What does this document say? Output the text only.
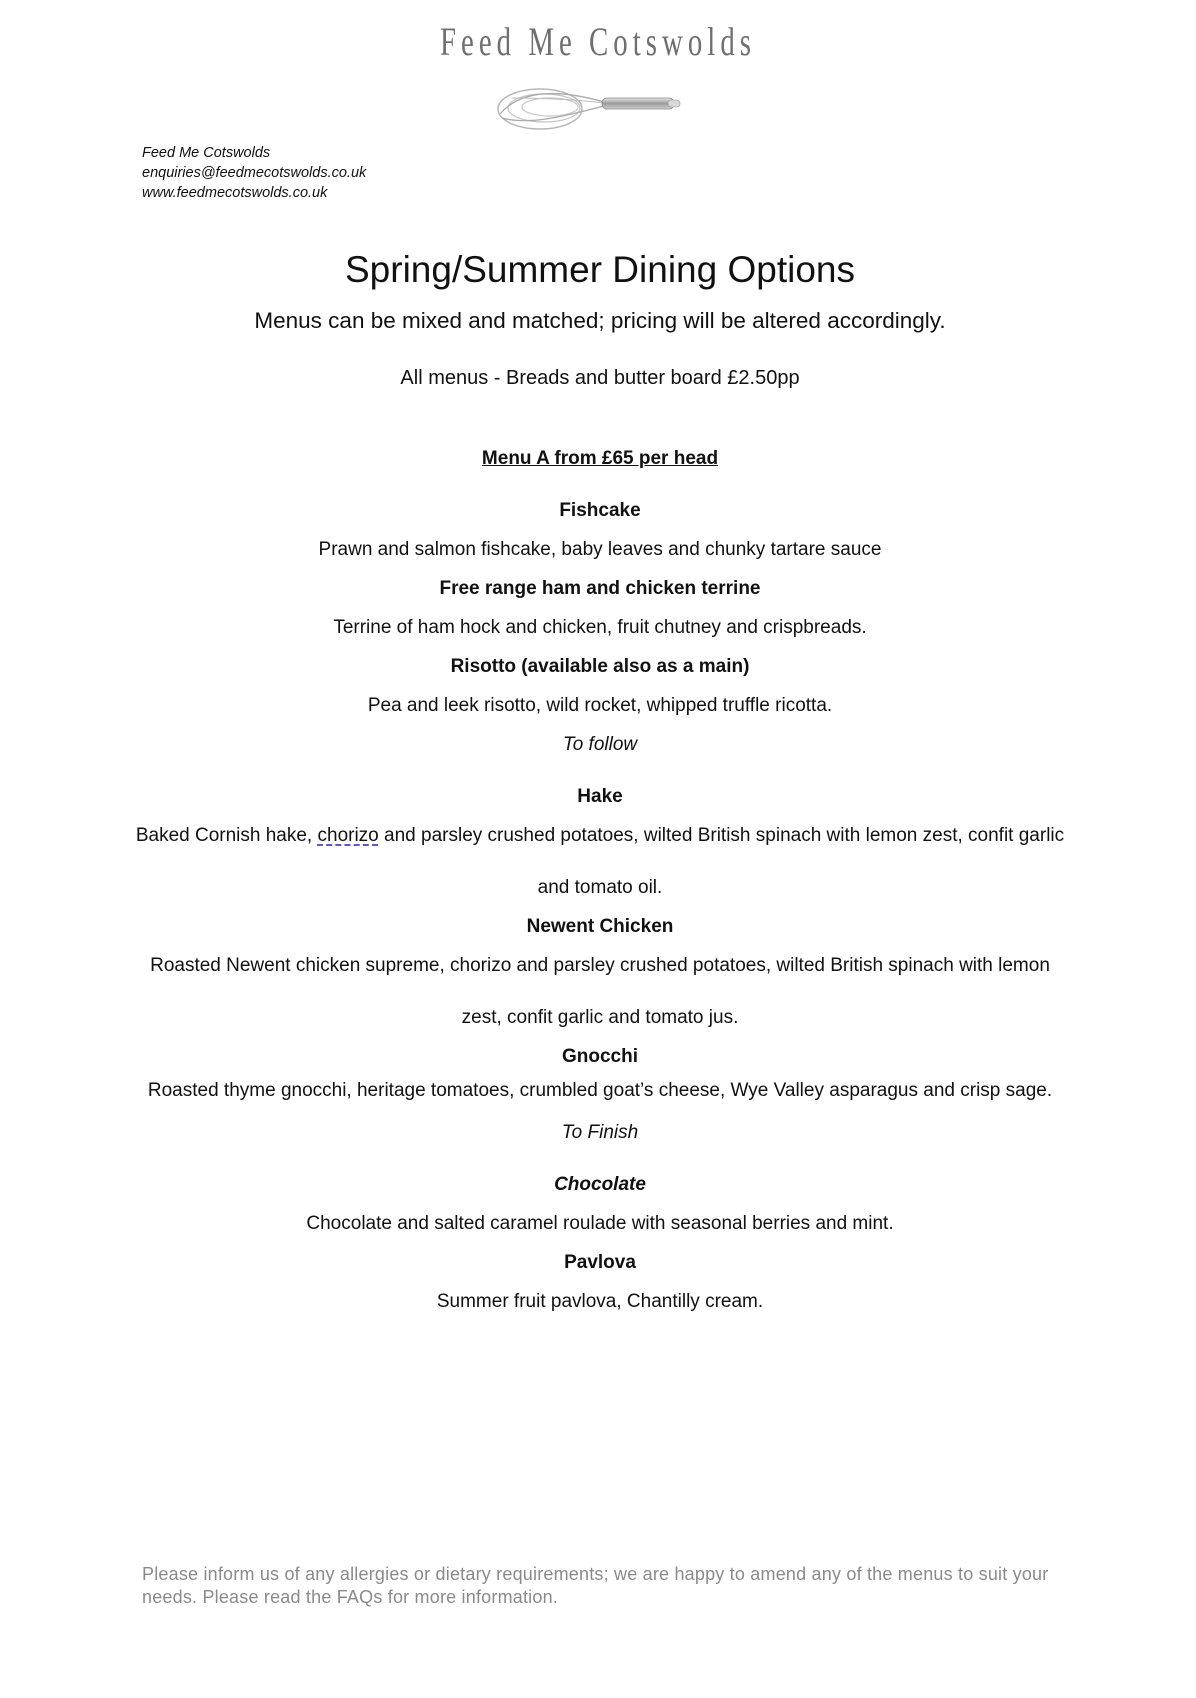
Feed Me Cotswolds
Feed Me Cotswolds
enquiries@feedmecotswolds.co.uk
www.feedmecotswolds.co.uk
Spring/Summer Dining Options
Menus can be mixed and matched; pricing will be altered accordingly.
All menus - Breads and butter board £2.50pp
Menu A from £65 per head
Fishcake
Prawn and salmon fishcake, baby leaves and chunky tartare sauce
Free range ham and chicken terrine
Terrine of ham hock and chicken, fruit chutney and crispbreads.
Risotto (available also as a main)
Pea and leek risotto, wild rocket, whipped truffle ricotta.
To follow
Hake
Baked Cornish hake, chorizo and parsley crushed potatoes, wilted British spinach with lemon zest, confit garlic and tomato oil.
Newent Chicken
Roasted Newent chicken supreme, chorizo and parsley crushed potatoes, wilted British spinach with lemon zest, confit garlic and tomato jus.
Gnocchi
Roasted thyme gnocchi, heritage tomatoes, crumbled goat’s cheese, Wye Valley asparagus and crisp sage.
To Finish
Chocolate
Chocolate and salted caramel roulade with seasonal berries and mint.
Pavlova
Summer fruit pavlova, Chantilly cream.
Please inform us of any allergies or dietary requirements; we are happy to amend any of the menus to suit your needs. Please read the FAQs for more information.
